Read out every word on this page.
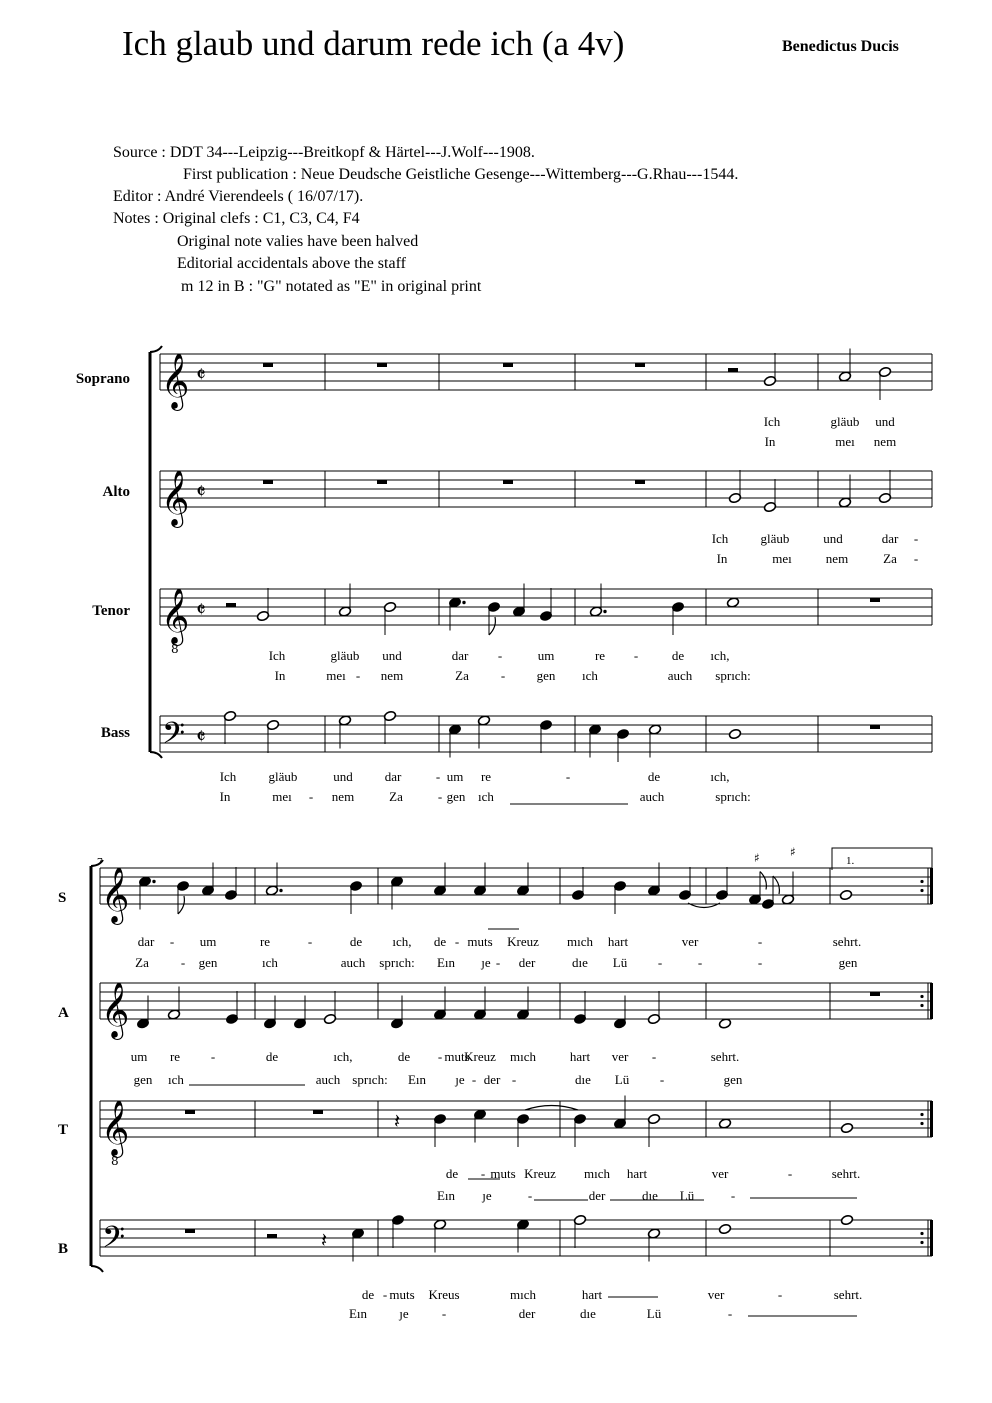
Ich glaub und darum rede ich (a 4v)	Benedictus Ducis
Source : DDT 34---Leipzig---Breitkopf & Härtel---J.Wolf---1908.
First publication : Neue Deudsche Geistliche Gesenge---Wittemberg---G.Rhau---1544.
Editor : André Vierendeels ( 16/07/17).
Notes : Original clefs : C1, C3, C4, F4
Original note valies have been halved
Editorial accidentals above the staff
m 12 in B : "G" notated as "E" in original print
Soprano
Alto
Tenor
Bass
S
A
T
B
7	1.
𝄞 𝄵
𝄞 𝄵
𝄞
8
𝄵
𝄢 𝄵
𝄞
𝄞
𝄞
8
𝄢
♯	♯
𝄽
𝄽
Ich	gläub und
In	meı nem
Ich gläub	und	dar -
In	meı	nem	Za -
Ich	gläub und	dar -	um	re -	de ıch,
In	meı - nem	Za - gen ıch	auch sprıch:
Ich gläub	und dar	- um re	-	de	ıch,
In	meı - nem	Za	- gen ıch	auch	sprıch:
dar - um	re	-	de ıch, de - muts Kreuz mıch hart	ver	-	sehrt.
Za - gen	ıch	auch sprıch: Eın ȷe - der	dıe Lü -	-	-	gen
um re -	de	ıch,	de - muts
Kreuz mıch	hart ver -	sehrt.
gen ıch	auch sprıch: Eın ȷe - der -	dıe Lü -	gen
de - muts Kreuz mıch hart	ver	-	sehrt.
Eın ȷe	-	der	dıe Lü	-
de - muts Kreus	mıch	hart	ver	-	sehrt.
Eın ȷe	-	der	dıe	Lü	-
